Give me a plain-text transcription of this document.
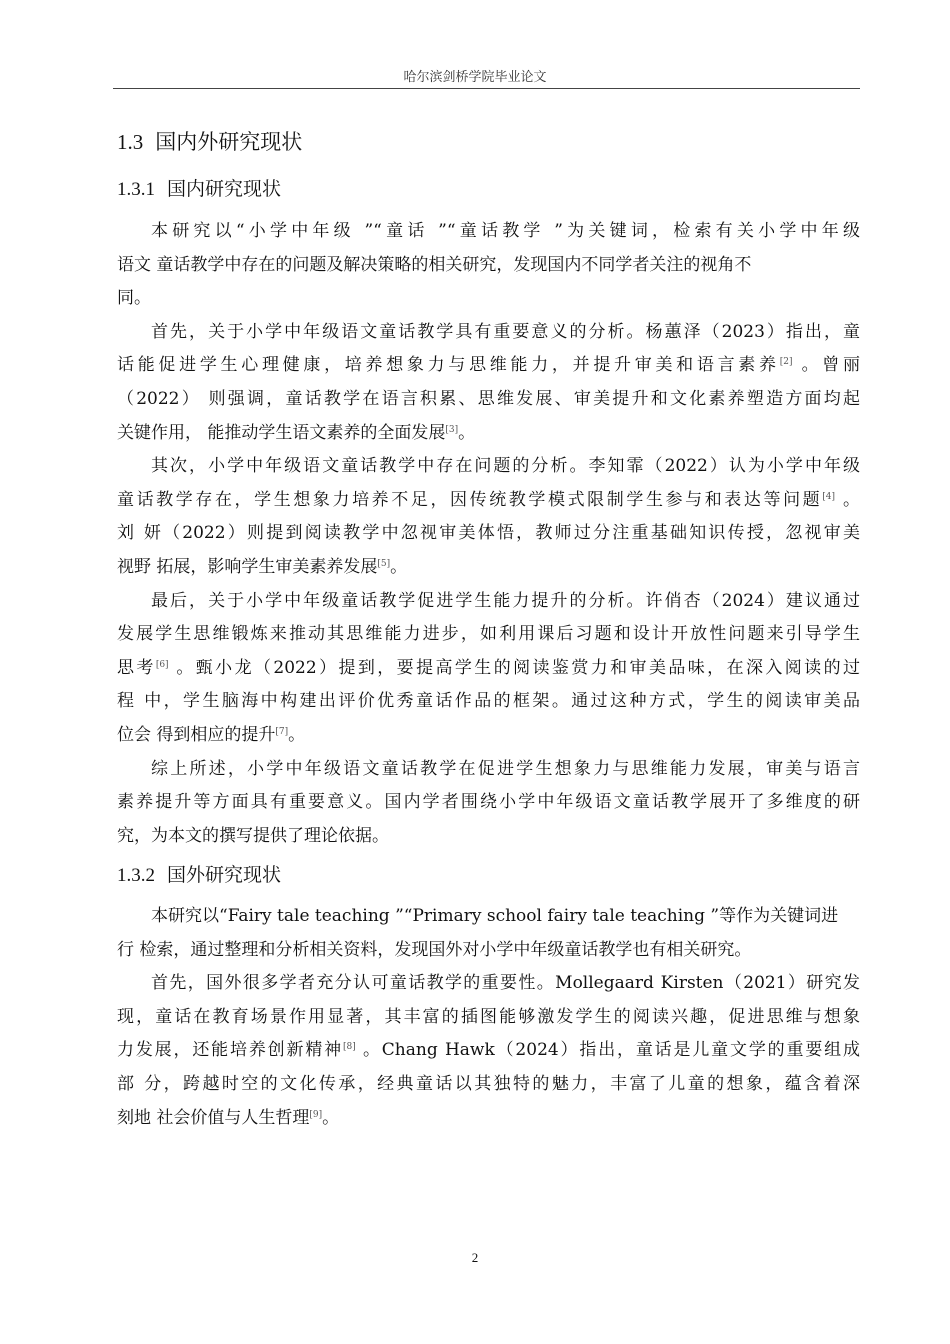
哈尔滨剑桥学院毕业论文
1.3 国内外研究现状
1.3.1 国内研究现状
本研究以“小学中年级 ”“童话 ”“童话教学 ”为关键词，检索有关小学中年级
语文 童话教学中存在的问题及解决策略的相关研究，发现国内不同学者关注的视角不
同。
首先，关于小学中年级语文童话教学具有重要意义的分析。杨蕙泽（2023）指出，童
话能促进学生心理健康，培养想象力与思维能力，并提升审美和语言素养[2] 。曾丽
（2022） 则强调，童话教学在语言积累、思维发展、审美提升和文化素养塑造方面均起
关键作用， 能推动学生语文素养的全面发展[3]。
其次，小学中年级语文童话教学中存在问题的分析。李知霏（2022）认为小学中年级
童话教学存在，学生想象力培养不足，因传统教学模式限制学生参与和表达等问题[4] 。
刘 妍（2022）则提到阅读教学中忽视审美体悟，教师过分注重基础知识传授，忽视审美
视野 拓展，影响学生审美素养发展[5]。
最后，关于小学中年级童话教学促进学生能力提升的分析。许俏杏（2024）建议通过
发展学生思维锻炼来推动其思维能力进步，如利用课后习题和设计开放性问题来引导学生
思考[6] 。甄小龙（2022）提到，要提高学生的阅读鉴赏力和审美品味，在深入阅读的过
程 中，学生脑海中构建出评价优秀童话作品的框架。通过这种方式，学生的阅读审美品
位会 得到相应的提升[7]。
综上所述，小学中年级语文童话教学在促进学生想象力与思维能力发展，审美与语言
素养提升等方面具有重要意义。国内学者围绕小学中年级语文童话教学展开了多维度的研
究，为本文的撰写提供了理论依据。
1.3.2 国外研究现状
本研究以“Fairy tale teaching ”“Primary school fairy tale teaching ”等作为关键词进
行 检索，通过整理和分析相关资料，发现国外对小学中年级童话教学也有相关研究。
首先，国外很多学者充分认可童话教学的重要性。Mollegaard Kirsten（2021）研究发
现，童话在教育场景作用显著，其丰富的插图能够激发学生的阅读兴趣，促进思维与想象
力发展，还能培养创新精神[8] 。Chang Hawk（2024）指出，童话是儿童文学的重要组成
部 分，跨越时空的文化传承，经典童话以其独特的魅力，丰富了儿童的想象，蕴含着深
刻地 社会价值与人生哲理[9]。
2
